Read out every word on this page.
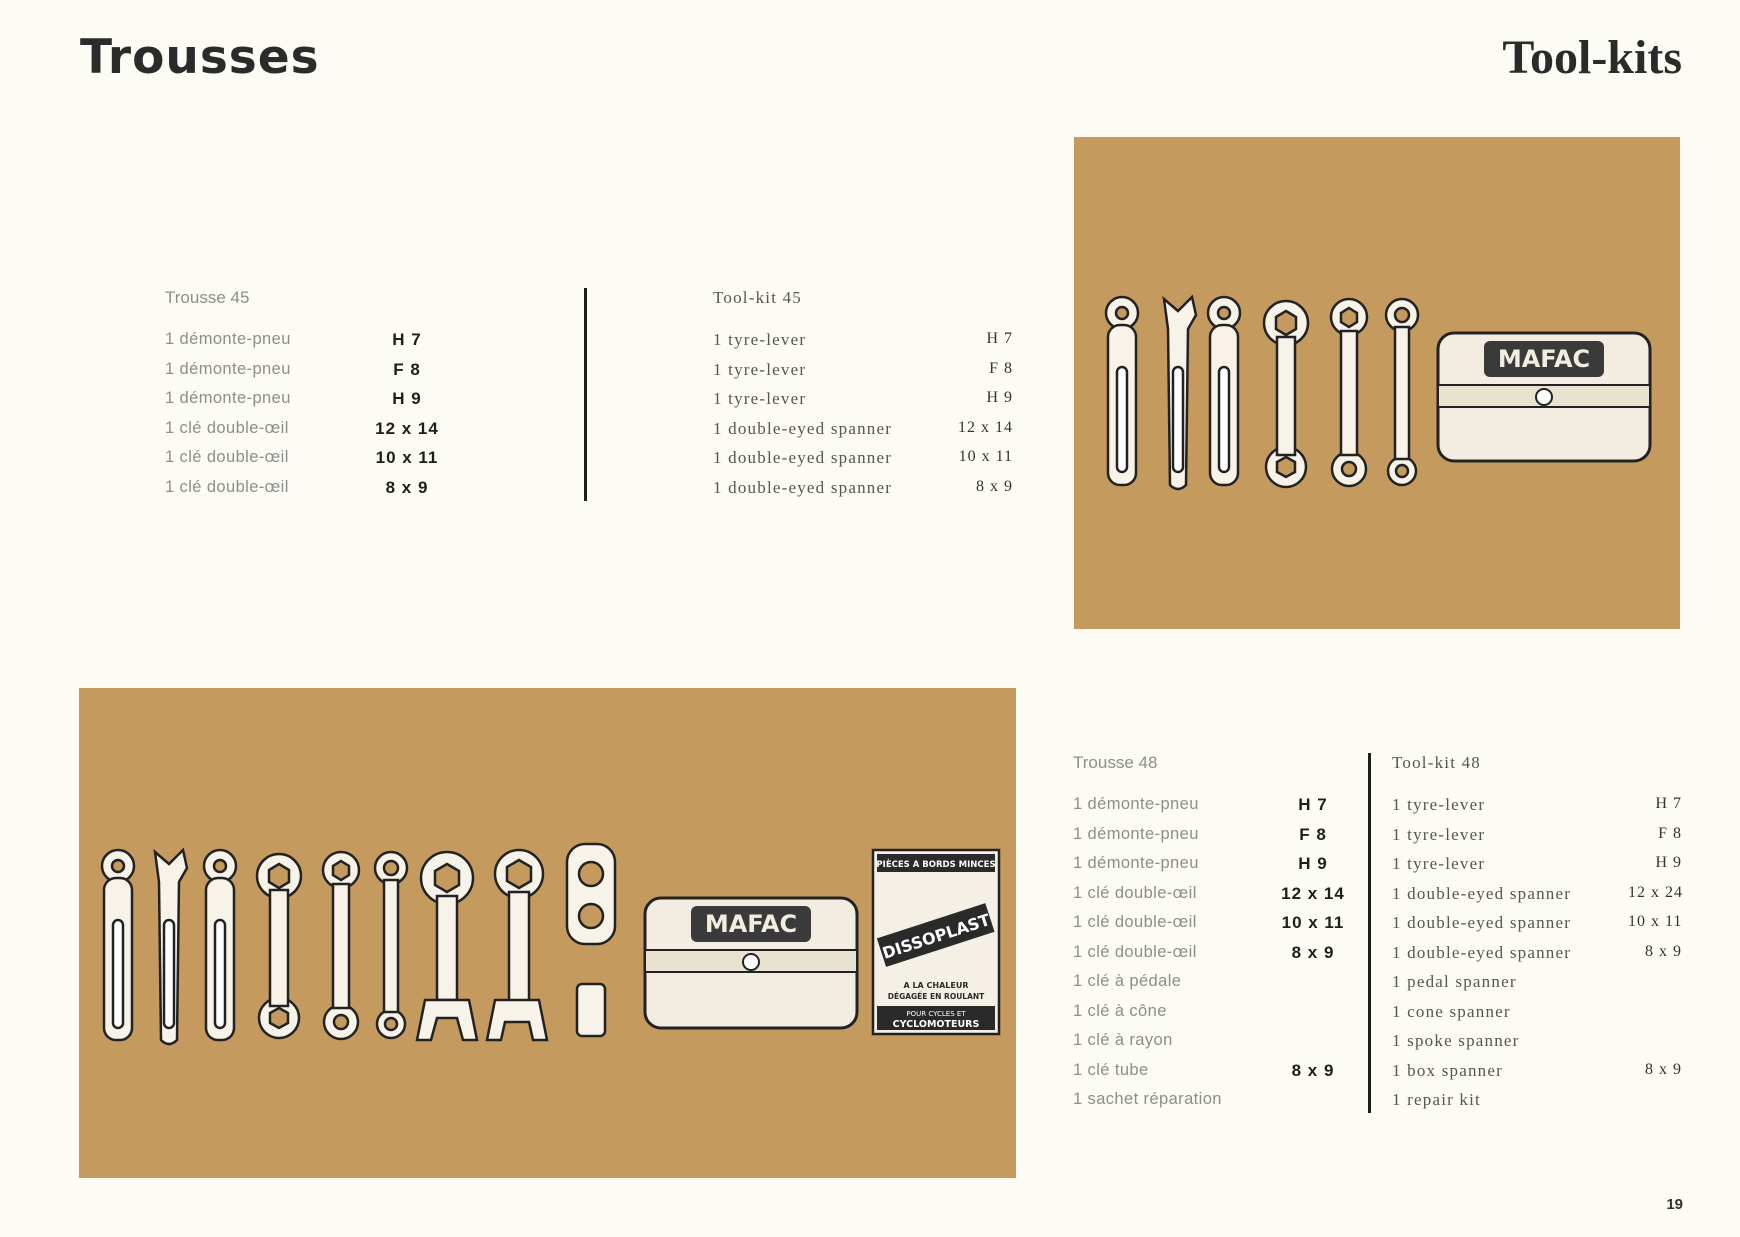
Trousses	Tool-kits
MAFAC
Trousse 45
1 démonte-pneu	H 7
1 démonte-pneu	F 8
1 démonte-pneu	H 9
1 clé double-œil	12 x 14
1 clé double-œil	10 x 11
1 clé double-œil	8 x 9
Tool-kit 45
1 tyre-lever	H 7
1 tyre-lever	F 8
1 tyre-lever	H 9
1 double-eyed spanner	12 x 14
1 double-eyed spanner	10 x 11
1 double-eyed spanner	8 x 9
MAFAC
PIÈCES A BORDS MINCES
DISSOPLAST
A LA CHALEUR
DÉGAGÉE EN ROULANT
POUR CYCLES ET
CYCLOMOTEURS
Trousse 48
1 démonte-pneu	H 7
1 démonte-pneu	F 8
1 démonte-pneu	H 9
1 clé double-œil	12 x 14
1 clé double-œil	10 x 11
1 clé double-œil	8 x 9
1 clé à pédale
1 clé à cône
1 clé à rayon
1 clé tube	8 x 9
1 sachet réparation
Tool-kit 48
1 tyre-lever	H 7
1 tyre-lever	F 8
1 tyre-lever	H 9
1 double-eyed spanner	12 x 24
1 double-eyed spanner	10 x 11
1 double-eyed spanner	8 x 9
1 pedal spanner
1 cone spanner
1 spoke spanner
1 box spanner	8 x 9
1 repair kit
19
